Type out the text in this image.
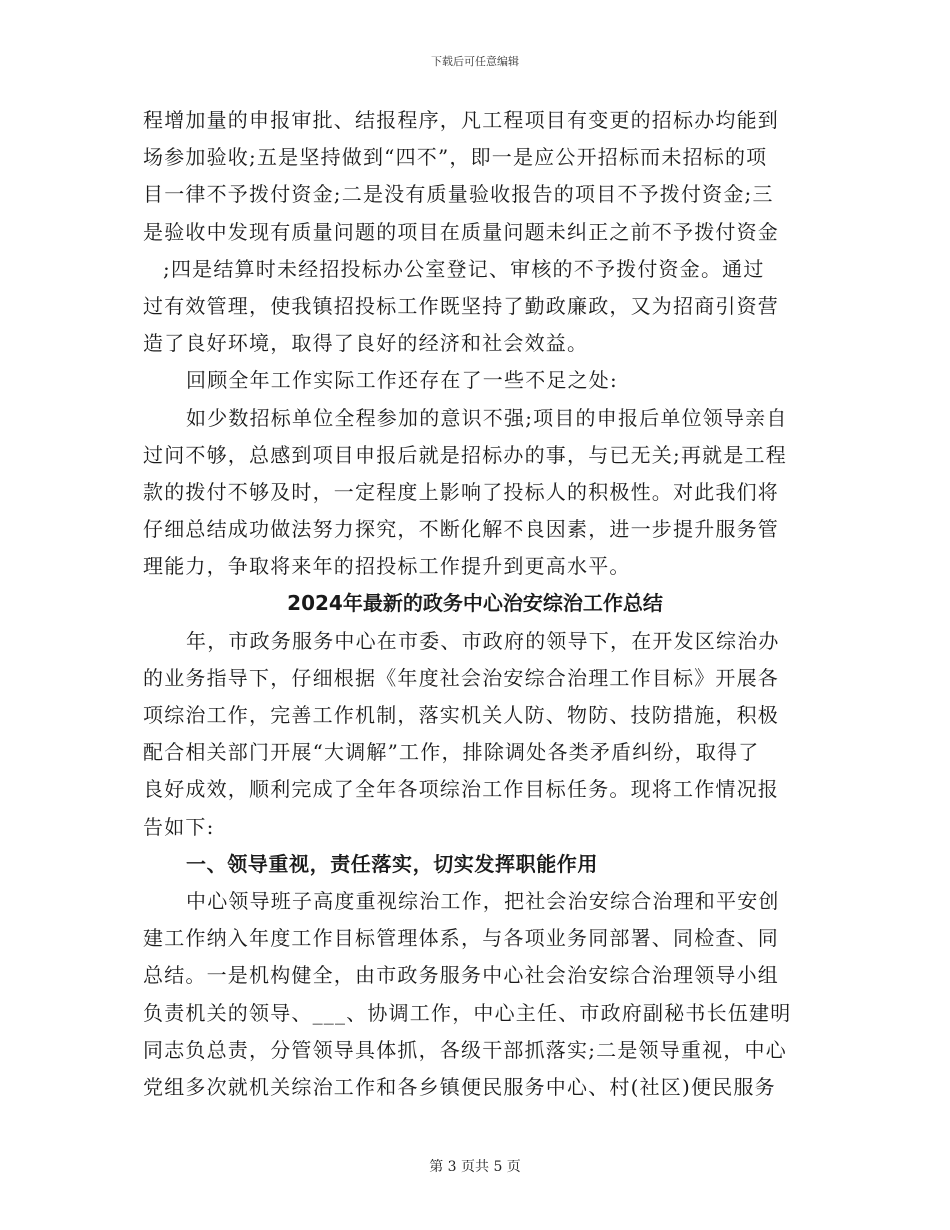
下载后可任意编辑
程增加量的申报审批、结报程序，凡工程项目有变更的招标办均能到
场参加验收;五是坚持做到“四不”，即一是应公开招标而未招标的项
目一律不予拨付资金;二是没有质量验收报告的项目不予拨付资金;三
是验收中发现有质量问题的项目在质量问题未纠正之前不予拨付资金
;四是结算时未经招投标办公室登记、审核的不予拨付资金。通过
过有效管理，使我镇招投标工作既坚持了勤政廉政，又为招商引资营
造了良好环境，取得了良好的经济和社会效益。
回顾全年工作实际工作还存在了一些不足之处:
如少数招标单位全程参加的意识不强;项目的申报后单位领导亲自
过问不够，总感到项目申报后就是招标办的事，与已无关;再就是工程
款的拨付不够及时，一定程度上影响了投标人的积极性。对此我们将
仔细总结成功做法努力探究，不断化解不良因素，进一步提升服务管
理能力，争取将来年的招投标工作提升到更高水平。
2024年最新的政务中心治安综治工作总结
年，市政务服务中心在市委、市政府的领导下，在开发区综治办
的业务指导下，仔细根据《年度社会治安综合治理工作目标》开展各
项综治工作，完善工作机制，落实机关人防、物防、技防措施，积极
配合相关部门开展“大调解”工作，排除调处各类矛盾纠纷，取得了
良好成效，顺利完成了全年各项综治工作目标任务。现将工作情况报
告如下:
一、领导重视，责任落实，切实发挥职能作用
中心领导班子高度重视综治工作，把社会治安综合治理和平安创
建工作纳入年度工作目标管理体系，与各项业务同部署、同检查、同
总结。一是机构健全，由市政务服务中心社会治安综合治理领导小组
负责机关的领导、___、协调工作，中心主任、市政府副秘书长伍建明
同志负总责，分管领导具体抓，各级干部抓落实;二是领导重视，中心
党组多次就机关综治工作和各乡镇便民服务中心、村(社区)便民服务
第 3 页共 5 页
